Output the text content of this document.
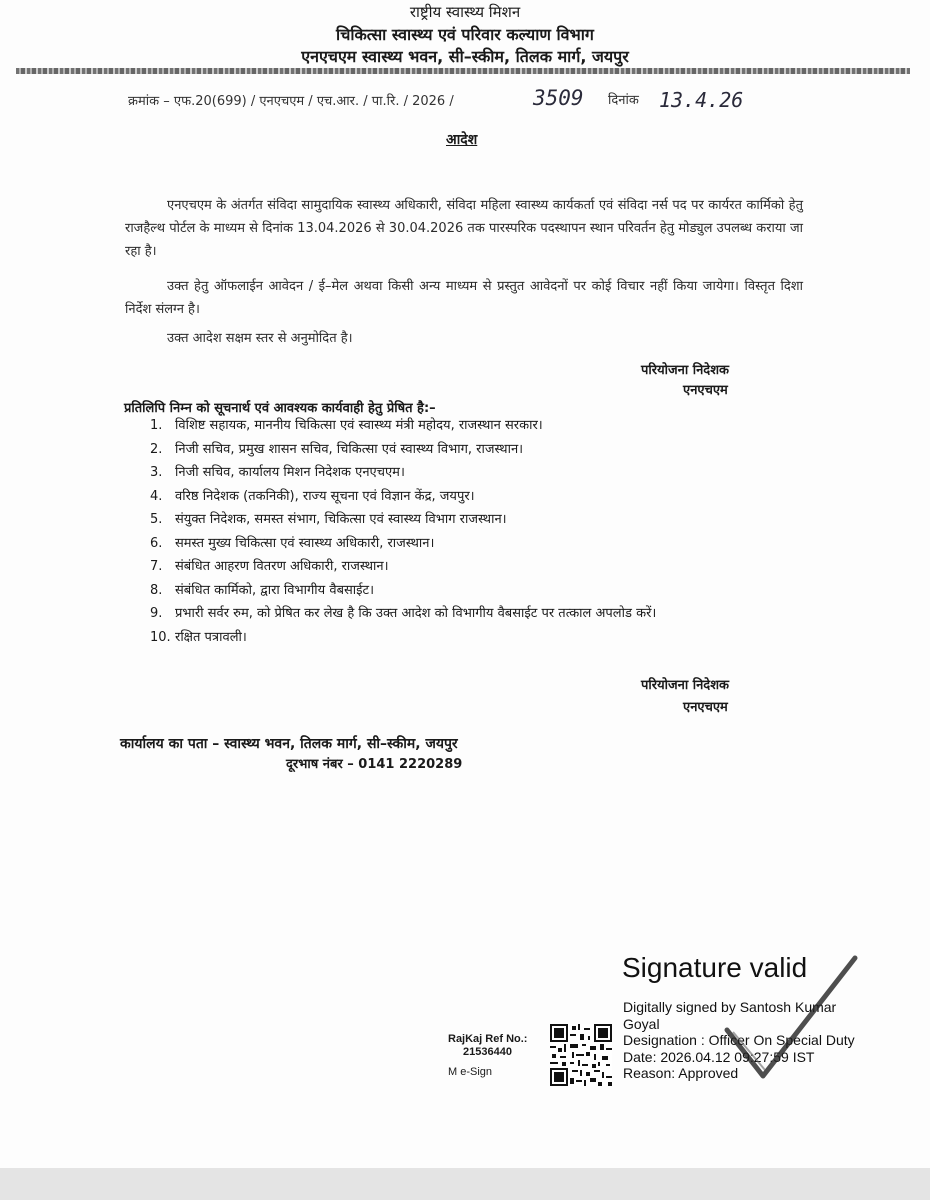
राष्ट्रीय स्वास्थ्य मिशन
चिकित्सा स्वास्थ्य एवं परिवार कल्याण विभाग
एनएचएम स्वास्थ्य भवन, सी–स्कीम, तिलक मार्ग, जयपुर
क्रमांक – एफ.20(699) / एनएचएम / एच.आर. / पा.रि. / 2026 /	3509 दिनांक 13.4.26
आदेश

एनएचएम के अंतर्गत संविदा सामुदायिक स्वास्थ्य अधिकारी, संविदा महिला स्वास्थ्य कार्यकर्ता एवं संविदा नर्स पद पर कार्यरत कार्मिको हेतु राजहैल्थ पोर्टल के माध्यम से दिनांक 13.04.2026 से 30.04.2026 तक पारस्परिक पदस्थापन स्थान परिवर्तन हेतु मोड्युल उपलब्ध कराया जा रहा है।

उक्त हेतु ऑफलाईन आवेदन / ई–मेल अथवा किसी अन्य माध्यम से प्रस्तुत आवेदनों पर कोई विचार नहीं किया जायेगा। विस्तृत दिशा निर्देश संलग्न है।

उक्त आदेश सक्षम स्तर से अनुमोदित है।

परियोजना निदेशक
एनएचएम
प्रतिलिपि निम्न को सूचनार्थ एवं आवश्यक कार्यवाही हेतु प्रेषित है:–
1. विशिष्ट सहायक, माननीय चिकित्सा एवं स्वास्थ्य मंत्री महोदय, राजस्थान सरकार।
2. निजी सचिव, प्रमुख शासन सचिव, चिकित्सा एवं स्वास्थ्य विभाग, राजस्थान।
3. निजी सचिव, कार्यालय मिशन निदेशक एनएचएम।
4. वरिष्ठ निदेशक (तकनिकी), राज्य सूचना एवं विज्ञान केंद्र, जयपुर।
5. संयुक्त निदेशक, समस्त संभाग, चिकित्सा एवं स्वास्थ्य विभाग राजस्थान।
6. समस्त मुख्य चिकित्सा एवं स्वास्थ्य अधिकारी, राजस्थान।
7. संबंधित आहरण वितरण अधिकारी, राजस्थान।
8. संबंधित कार्मिको, द्वारा विभागीय वैबसाईट।
9. प्रभारी सर्वर रुम, को प्रेषित कर लेख है कि उक्त आदेश को विभागीय वैबसाईट पर तत्काल अपलोड करें।
10. रक्षित पत्रावली।
परियोजना निदेशक
एनएचएम
कार्यालय का पता – स्वास्थ्य भवन, तिलक मार्ग, सी–स्कीम, जयपुर
दूरभाष नंबर – 0141 2220289
Signature valid
Digitally signed by Santosh Kumar
Goyal
Designation : Officer On Special Duty
Date: 2026.04.12 09:27:59 IST
Reason: Approved
RajKaj Ref No.:
21536440
M e-Sign
